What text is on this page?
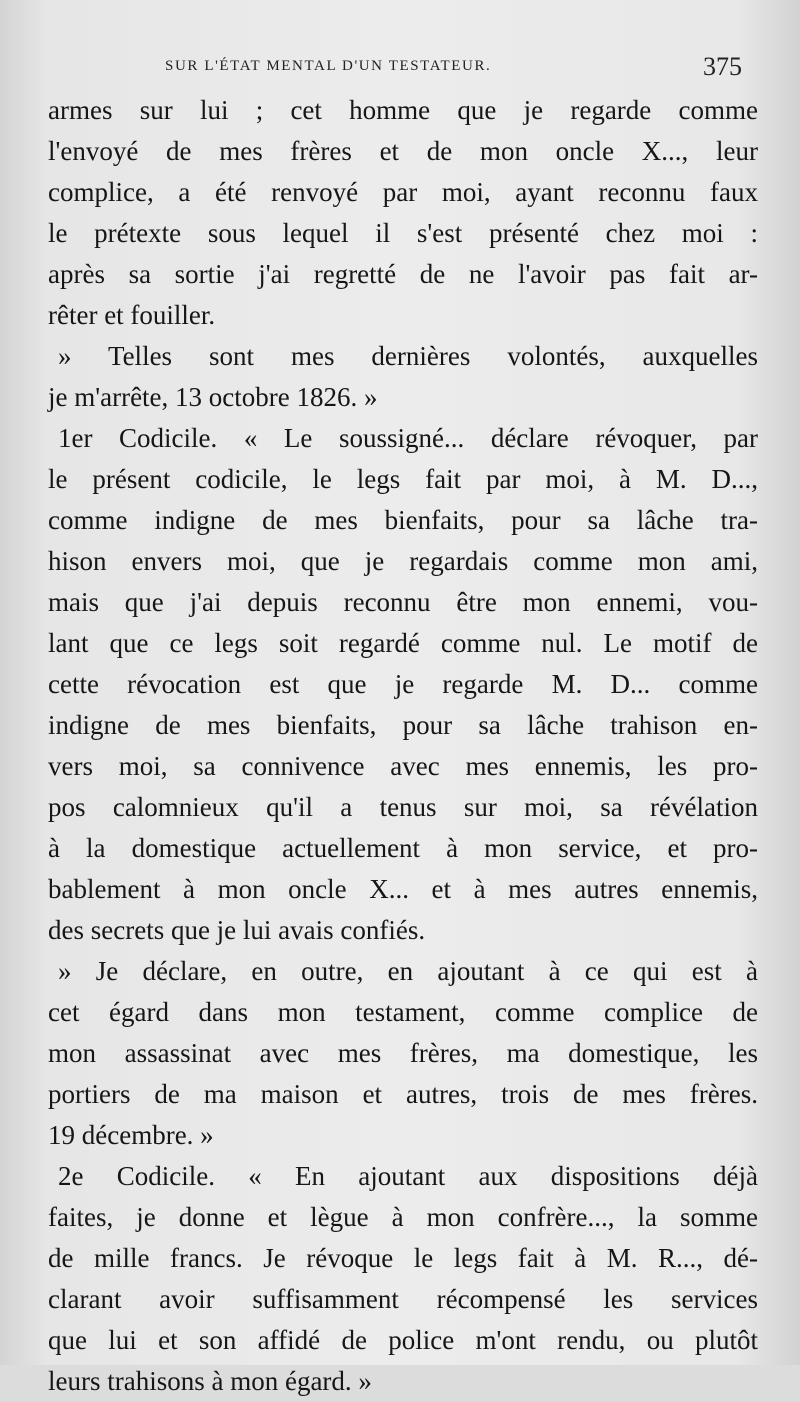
SUR L'ÉTAT MENTAL D'UN TESTATEUR.	375
armes sur lui ; cet homme que je regarde comme
l'envoyé de mes frères et de mon oncle X..., leur
complice, a été renvoyé par moi, ayant reconnu faux
le prétexte sous lequel il s'est présenté chez moi :
après sa sortie j'ai regretté de ne l'avoir pas fait ar-
rêter et fouiller.
» Telles sont mes dernières volontés, auxquelles
je m'arrête, 13 octobre 1826. »
1er Codicile. « Le soussigné... déclare révoquer, par
le présent codicile, le legs fait par moi, à M. D...,
comme indigne de mes bienfaits, pour sa lâche tra-
hison envers moi, que je regardais comme mon ami,
mais que j'ai depuis reconnu être mon ennemi, vou-
lant que ce legs soit regardé comme nul. Le motif de
cette révocation est que je regarde M. D... comme
indigne de mes bienfaits, pour sa lâche trahison en-
vers moi, sa connivence avec mes ennemis, les pro-
pos calomnieux qu'il a tenus sur moi, sa révélation
à la domestique actuellement à mon service, et pro-
bablement à mon oncle X... et à mes autres ennemis,
des secrets que je lui avais confiés.
» Je déclare, en outre, en ajoutant à ce qui est à
cet égard dans mon testament, comme complice de
mon assassinat avec mes frères, ma domestique, les
portiers de ma maison et autres, trois de mes frères.
19 décembre. »
2e Codicile. « En ajoutant aux dispositions déjà
faites, je donne et lègue à mon confrère..., la somme
de mille francs. Je révoque le legs fait à M. R..., dé-
clarant avoir suffisamment récompensé les services
que lui et son affidé de police m'ont rendu, ou plutôt
leurs trahisons à mon égard. »
